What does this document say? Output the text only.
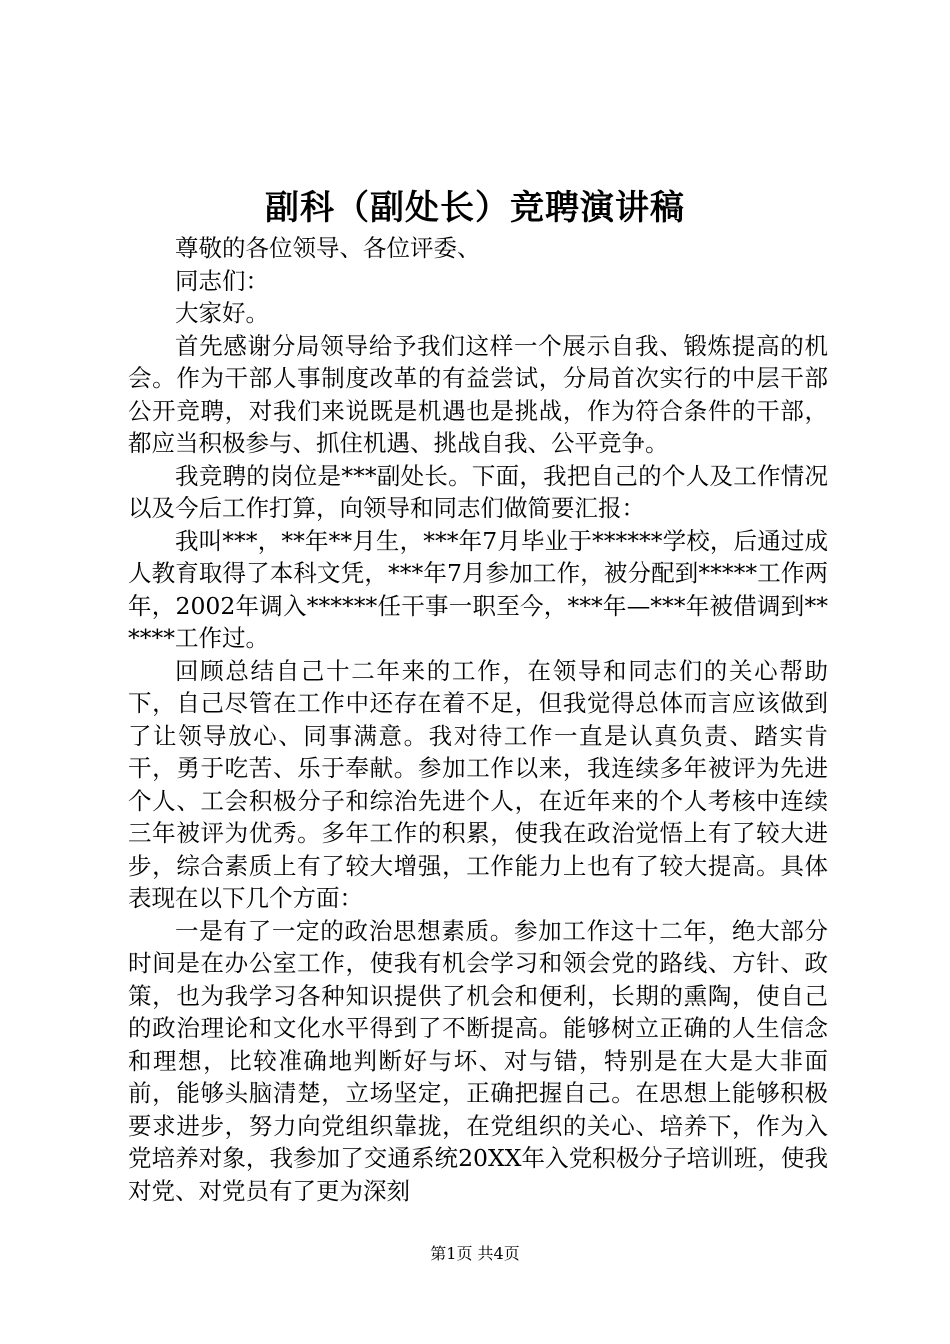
副科（副处长）竞聘演讲稿

尊敬的各位领导、各位评委、

同志们：

大家好。

首先感谢分局领导给予我们这样一个展示自我、锻炼提高的机会。作为干部人事制度改革的有益尝试，分局首次实行的中层干部公开竞聘，对我们来说既是机遇也是挑战，作为符合条件的干部，都应当积极参与、抓住机遇、挑战自我、公平竞争。

我竞聘的岗位是***副处长。下面，我把自己的个人及工作情况以及今后工作打算，向领导和同志们做简要汇报：

我叫***，**年**月生，***年7月毕业于******学校，后通过成人教育取得了本科文凭，***年7月参加工作，被分配到*****工作两年，2002年调入******任干事一职至今，***年—***年被借调到******工作过。

回顾总结自己十二年来的工作，在领导和同志们的关心帮助下，自己尽管在工作中还存在着不足，但我觉得总体而言应该做到了让领导放心、同事满意。我对待工作一直是认真负责、踏实肯干，勇于吃苦、乐于奉献。参加工作以来，我连续多年被评为先进个人、工会积极分子和综治先进个人，在近年来的个人考核中连续三年被评为优秀。多年工作的积累，使我在政治觉悟上有了较大进步，综合素质上有了较大增强，工作能力上也有了较大提高。具体表现在以下几个方面：

一是有了一定的政治思想素质。参加工作这十二年，绝大部分时间是在办公室工作，使我有机会学习和领会党的路线、方针、政策，也为我学习各种知识提供了机会和便利，长期的熏陶，使自己的政治理论和文化水平得到了不断提高。能够树立正确的人生信念和理想，比较准确地判断好与坏、对与错，特别是在大是大非面前，能够头脑清楚，立场坚定，正确把握自己。在思想上能够积极要求进步，努力向党组织靠拢，在党组织的关心、培养下，作为入党培养对象，我参加了交通系统20XX年入党积极分子培训班，使我对党、对党员有了更为深刻

第1页 共4页
